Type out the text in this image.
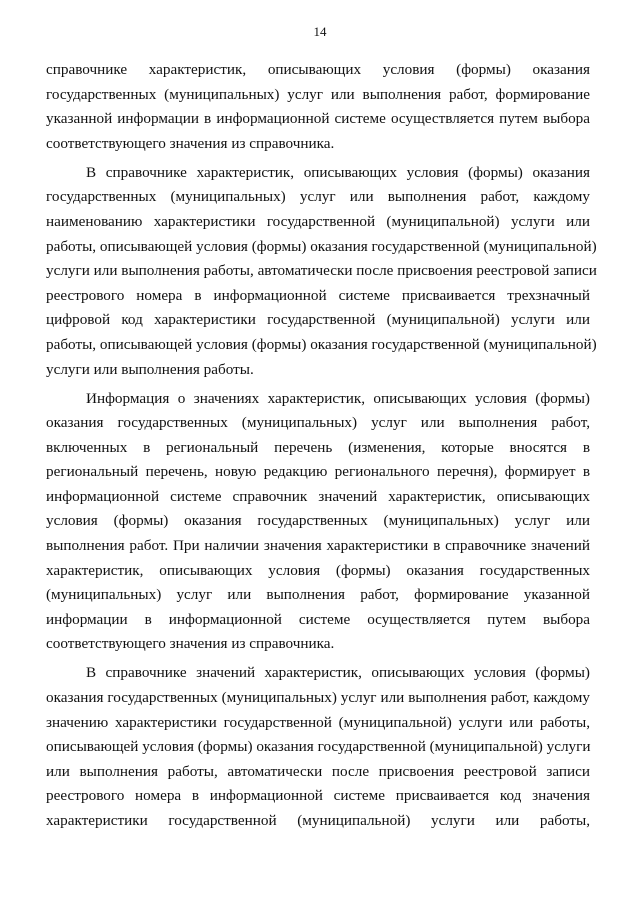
14
справочнике характеристик, описывающих условия (формы) оказания
государственных (муниципальных) услуг или выполнения работ, формирование
указанной информации в информационной системе осуществляется путем выбора
соответствующего значения из справочника.
В справочнике характеристик, описывающих условия (формы) оказания
государственных (муниципальных) услуг или выполнения работ, каждому
наименованию характеристики государственной (муниципальной) услуги или
работы, описывающей условия (формы) оказания государственной (муниципальной)
услуги или выполнения работы, автоматически после присвоения реестровой записи
реестрового номера в информационной системе присваивается трехзначный
цифровой код характеристики государственной (муниципальной) услуги или
работы, описывающей условия (формы) оказания государственной (муниципальной)
услуги или выполнения работы.
Информация о значениях характеристик, описывающих условия (формы)
оказания государственных (муниципальных) услуг или выполнения работ,
включенных в региональный перечень (изменения, которые вносятся в
региональный перечень, новую редакцию регионального перечня), формирует в
информационной системе справочник значений характеристик, описывающих
условия (формы) оказания государственных (муниципальных) услуг или
выполнения работ. При наличии значения характеристики в справочнике значений
характеристик, описывающих условия (формы) оказания государственных
(муниципальных) услуг или выполнения работ, формирование указанной
информации в информационной системе осуществляется путем выбора
соответствующего значения из справочника.
В справочнике значений характеристик, описывающих условия (формы)
оказания государственных (муниципальных) услуг или выполнения работ, каждому
значению характеристики государственной (муниципальной) услуги или работы,
описывающей условия (формы) оказания государственной (муниципальной) услуги
или выполнения работы, автоматически после присвоения реестровой записи
реестрового номера в информационной системе присваивается код значения
характеристики государственной (муниципальной) услуги или работы,
